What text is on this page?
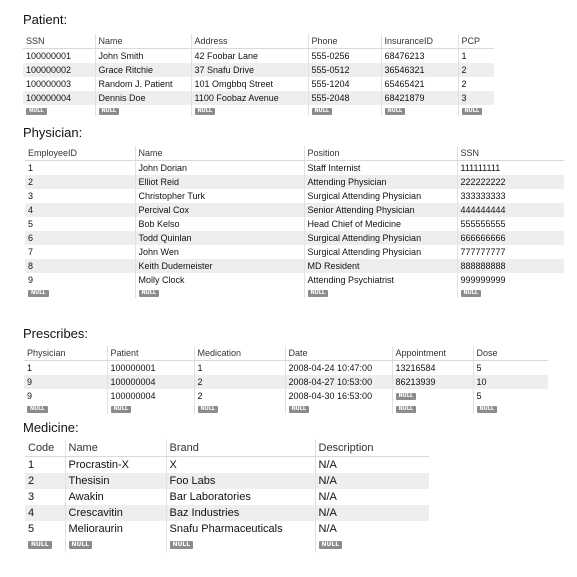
Patient:
SSN	Name	Address	Phone	InsuranceID	PCP
100000001	John Smith	42 Foobar Lane	555-0256	68476213	1
100000002	Grace Ritchie	37 Snafu Drive	555-0512	36546321	2
100000003	Random J. Patient	101 Omgbbq Street	555-1204	65465421	2
100000004	Dennis Doe	1100 Foobaz Avenue	555-2048	68421879	3
NULL	NULL	NULL	NULL	NULL	NULL
Physician:
EmployeeID	Name	Position	SSN
1	John Dorian	Staff Internist	111111111
2	Elliot Reid	Attending Physician	222222222
3	Christopher Turk	Surgical Attending Physician	333333333
4	Percival Cox	Senior Attending Physician	444444444
5	Bob Kelso	Head Chief of Medicine	555555555
6	Todd Quinlan	Surgical Attending Physician	666666666
7	John Wen	Surgical Attending Physician	777777777
8	Keith Dudemeister	MD Resident	888888888
9	Molly Clock	Attending Psychiatrist	999999999
NULL	NULL	NULL	NULL
Prescribes:
Physician	Patient	Medication	Date	Appointment	Dose
1	100000001	1	2008-04-24 10:47:00	13216584	5
9	100000004	2	2008-04-27 10:53:00	86213939	10
9	100000004	2	2008-04-30 16:53:00	NULL	5
NULL	NULL	NULL	NULL	NULL	NULL
Medicine:
Code	Name	Brand	Description
1	Procrastin-X	X	N/A
2	Thesisin	Foo Labs	N/A
3	Awakin	Bar Laboratories	N/A
4	Crescavitin	Baz Industries	N/A
5	Melioraurin	Snafu Pharmaceuticals	N/A
NULL	NULL	NULL	NULL
